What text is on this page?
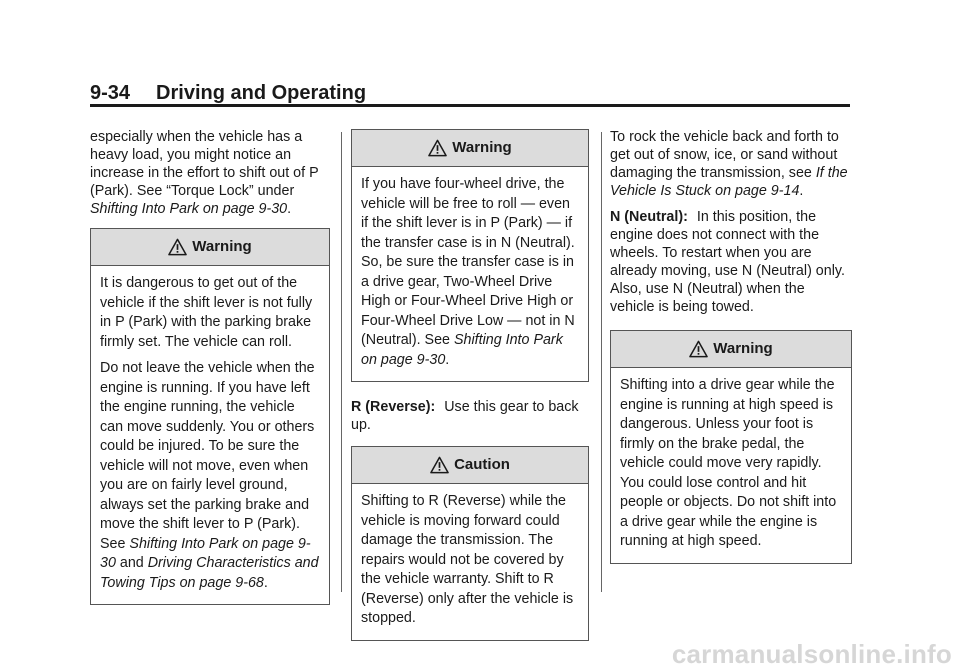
9-34 Driving and Operating

especially when the vehicle has a heavy load, you might notice an increase in the effort to shift out of P (Park). See “Torque Lock” under Shifting Into Park on page 9-30.

Warning

It is dangerous to get out of the vehicle if the shift lever is not fully in P (Park) with the parking brake firmly set. The vehicle can roll.

Do not leave the vehicle when the engine is running. If you have left the engine running, the vehicle can move suddenly. You or others could be injured. To be sure the vehicle will not move, even when you are on fairly level ground, always set the parking brake and move the shift lever to P (Park). See Shifting Into Park on page 9-30 and Driving Characteristics and Towing Tips on page 9-68.

Warning

If you have four-wheel drive, the vehicle will be free to roll — even if the shift lever is in P (Park) — if the transfer case is in N (Neutral). So, be sure the transfer case is in a drive gear, Two-Wheel Drive High or Four-Wheel Drive High or Four-Wheel Drive Low — not in N (Neutral). See Shifting Into Park on page 9-30.

R (Reverse): Use this gear to back up.

Caution

Shifting to R (Reverse) while the vehicle is moving forward could damage the transmission. The repairs would not be covered by the vehicle warranty. Shift to R (Reverse) only after the vehicle is stopped.

To rock the vehicle back and forth to get out of snow, ice, or sand without damaging the transmission, see If the Vehicle Is Stuck on page 9-14.

N (Neutral): In this position, the engine does not connect with the wheels. To restart when you are already moving, use N (Neutral) only. Also, use N (Neutral) when the vehicle is being towed.

Warning

Shifting into a drive gear while the engine is running at high speed is dangerous. Unless your foot is firmly on the brake pedal, the vehicle could move very rapidly. You could lose control and hit people or objects. Do not shift into a drive gear while the engine is running at high speed.

carmanualsonline.info
